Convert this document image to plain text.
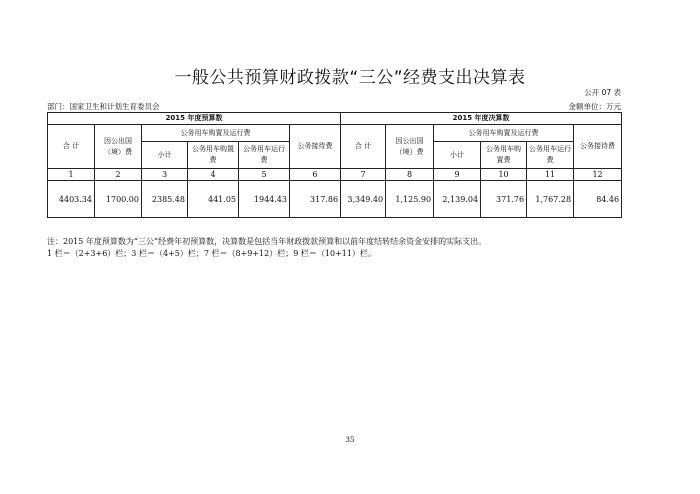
一般公共预算财政拨款“三公”经费支出决算表
公开 07 表
部门：国家卫生和计划生育委员会	金额单位：万元
2015 年度预算数						2015 年度决算数					
合 计	因公出国（境）费	公务用车购置及运行费			公务接待费	合 计	因公出国（境）费	公务用车购置及运行费			公务接待费
		小计	公务用车购置费	公务用车运行费				小计	公务用车购置费	公务用车运行费	
1	2	3	4	5	6	7	8	9	10	11	12
4403.34	1700.00	2385.48	441.05	1944.43	317.86	3,349.40	1,125.90	2,139.04	371.76	1,767.28	84.46
注：2015 年度预算数为“三公”经费年初预算数，决算数是包括当年财政拨款预算和以前年度结转结余资金安排的实际支出。
1 栏＝（2+3+6）栏；3 栏＝（4+5）栏；7 栏＝（8+9+12）栏；9 栏＝（10+11）栏。
35
